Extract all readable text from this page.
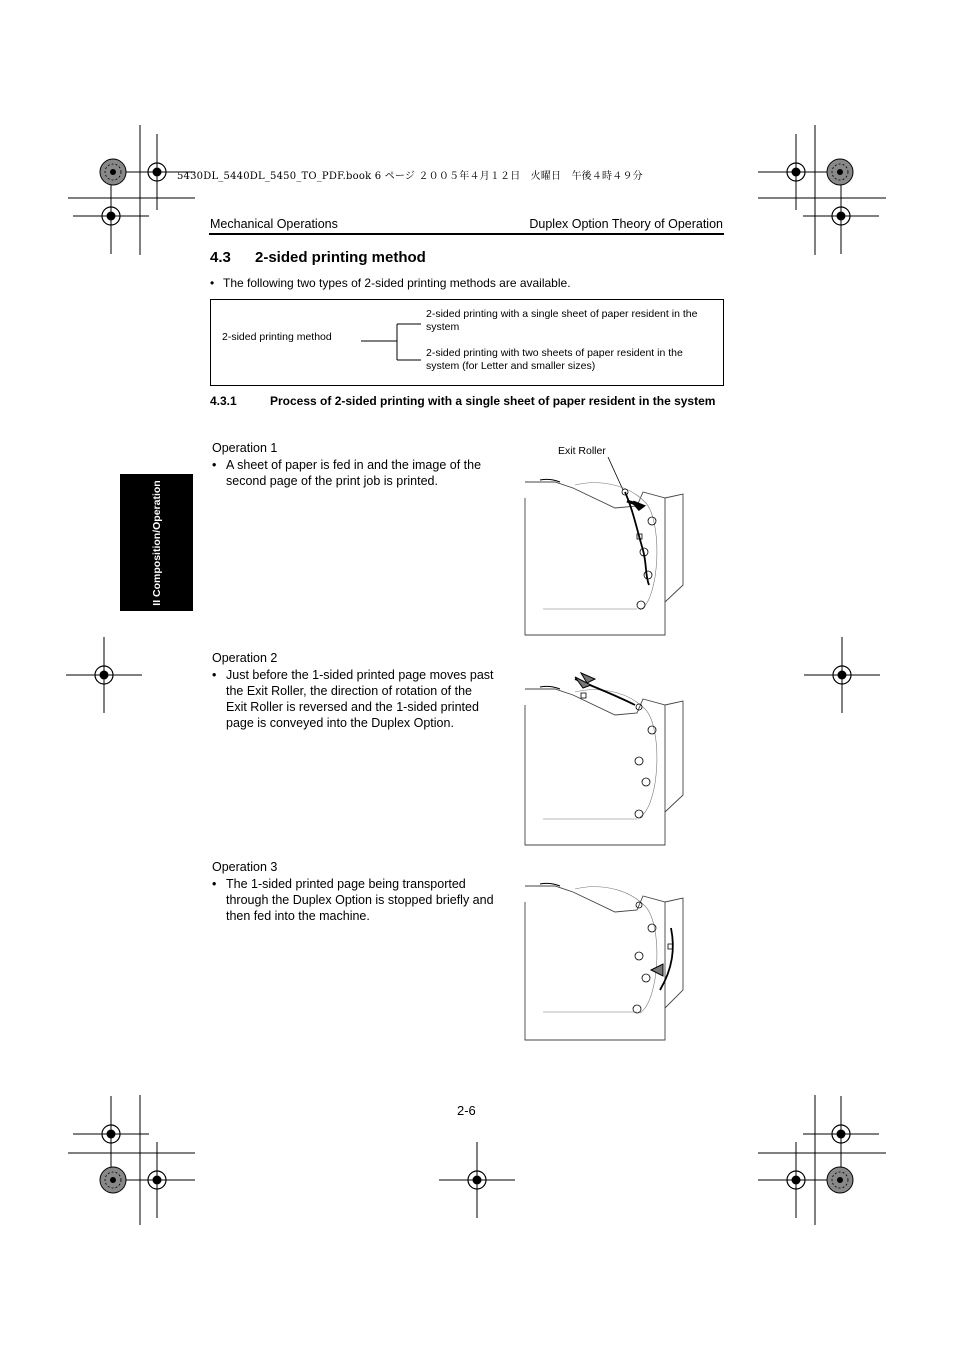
5430DL_5440DL_5450_TO_PDF.book 6 ページ ２００５年４月１２日　火曜日　午後４時４９分
Mechanical Operations	Duplex Option Theory of Operation
4.3 2-sided printing method
• The following two types of 2-sided printing methods are available.
2-sided printing method
2-sided printing with a single sheet of paper resident in the system
2-sided printing with two sheets of paper resident in the system (for Letter and smaller sizes)
4.3.1	Process of 2-sided printing with a single sheet of paper resident in the system
Operation 1
• A sheet of paper is fed in and the image of the second page of the print job is printed.
Operation 2
• Just before the 1-sided printed page moves past the Exit Roller, the direction of rotation of the Exit Roller is reversed and the 1-sided printed page is conveyed into the Duplex Option.
Operation 3
• The 1-sided printed page being transported through the Duplex Option is stopped briefly and then fed into the machine.
Exit Roller
II Composition/Operation
2-6
